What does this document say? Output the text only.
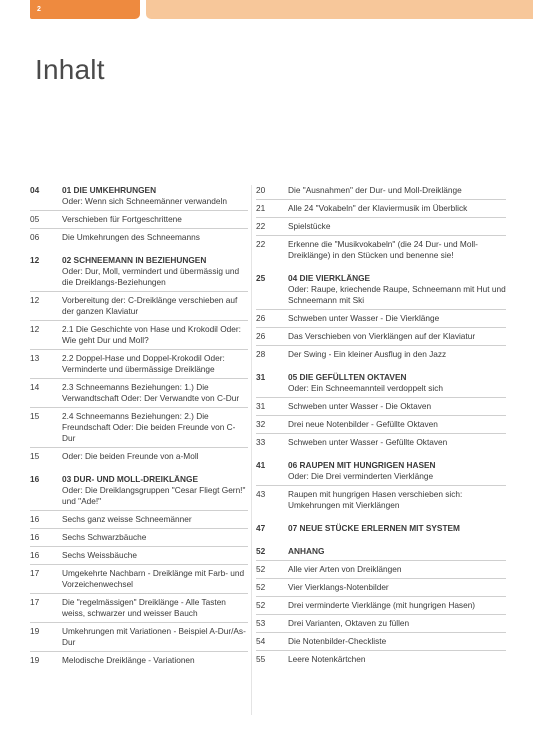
2
Inhalt
04	01 DIE UMKEHRUNGEN
Oder: Wenn sich Schneemänner verwandeln
05	Verschieben für Fortgeschrittene
06	Die Umkehrungen des Schneemanns
12	02 SCHNEEMANN IN BEZIEHUNGEN
Oder: Dur, Moll, vermindert und übermässig und die Dreiklangs-Beziehungen
12	Vorbereitung der: C-Dreiklänge verschieben auf der ganzen Klaviatur
12	2.1 Die Geschichte von Hase und Krokodil Oder: Wie geht Dur und Moll?
13	2.2 Doppel-Hase und Doppel-Krokodil Oder: Verminderte und übermässige Dreiklänge
14	2.3 Schneemanns Beziehungen: 1.) Die Verwandtschaft Oder: Der Verwandte von C-Dur
15	2.4 Schneemanns Beziehungen: 2.) Die Freundschaft Oder: Die beiden Freunde von C-Dur
15	Oder: Die beiden Freunde von a-Moll
16	03 DUR- UND MOLL-DREIKLÄNGE
Oder: Die Dreiklangsgruppen "Cesar Fliegt Gern!" und "Ade!"
16	Sechs ganz weisse Schneemänner
16	Sechs Schwarzbäuche
16	Sechs Weissbäuche
17	Umgekehrte Nachbarn - Dreiklänge mit Farb- und Vorzeichenwechsel
17	Die "regelmässigen" Dreiklänge - Alle Tasten weiss, schwarzer und weisser Bauch
19	Umkehrungen mit Variationen - Beispiel A-Dur/As-Dur
19	Melodische Dreiklänge - Variationen
20	Die "Ausnahmen" der Dur- und Moll-Dreiklänge
21	Alle 24 "Vokabeln" der Klaviermusik im Überblick
22	Spielstücke
22	Erkenne die "Musikvokabeln" (die 24 Dur- und Moll-Dreiklänge) in den Stücken und benenne sie!
25	04 DIE VIERKLÄNGE
Oder: Raupe, kriechende Raupe, Schneemann mit Hut und Schneemann mit Ski
26	Schweben unter Wasser - Die Vierklänge
26	Das Verschieben von Vierklängen auf der Klaviatur
28	Der Swing - Ein kleiner Ausflug in den Jazz
31	05 DIE GEFÜLLTEN OKTAVEN
Oder: Ein Schneemannteil verdoppelt sich
31	Schweben unter Wasser - Die Oktaven
32	Drei neue Notenbilder - Gefüllte Oktaven
33	Schweben unter Wasser - Gefüllte Oktaven
41	06 RAUPEN MIT HUNGRIGEN HASEN
Oder: Die Drei verminderten Vierklänge
43	Raupen mit hungrigen Hasen verschieben sich: Umkehrungen mit Vierklängen
47	07 NEUE STÜCKE ERLERNEN MIT SYSTEM
52	ANHANG
52	Alle vier Arten von Dreiklängen
52	Vier Vierklangs-Notenbilder
52	Drei verminderte Vierklänge (mit hungrigen Hasen)
53	Drei Varianten, Oktaven zu füllen
54	Die Notenbilder-Checkliste
55	Leere Notenkärtchen
